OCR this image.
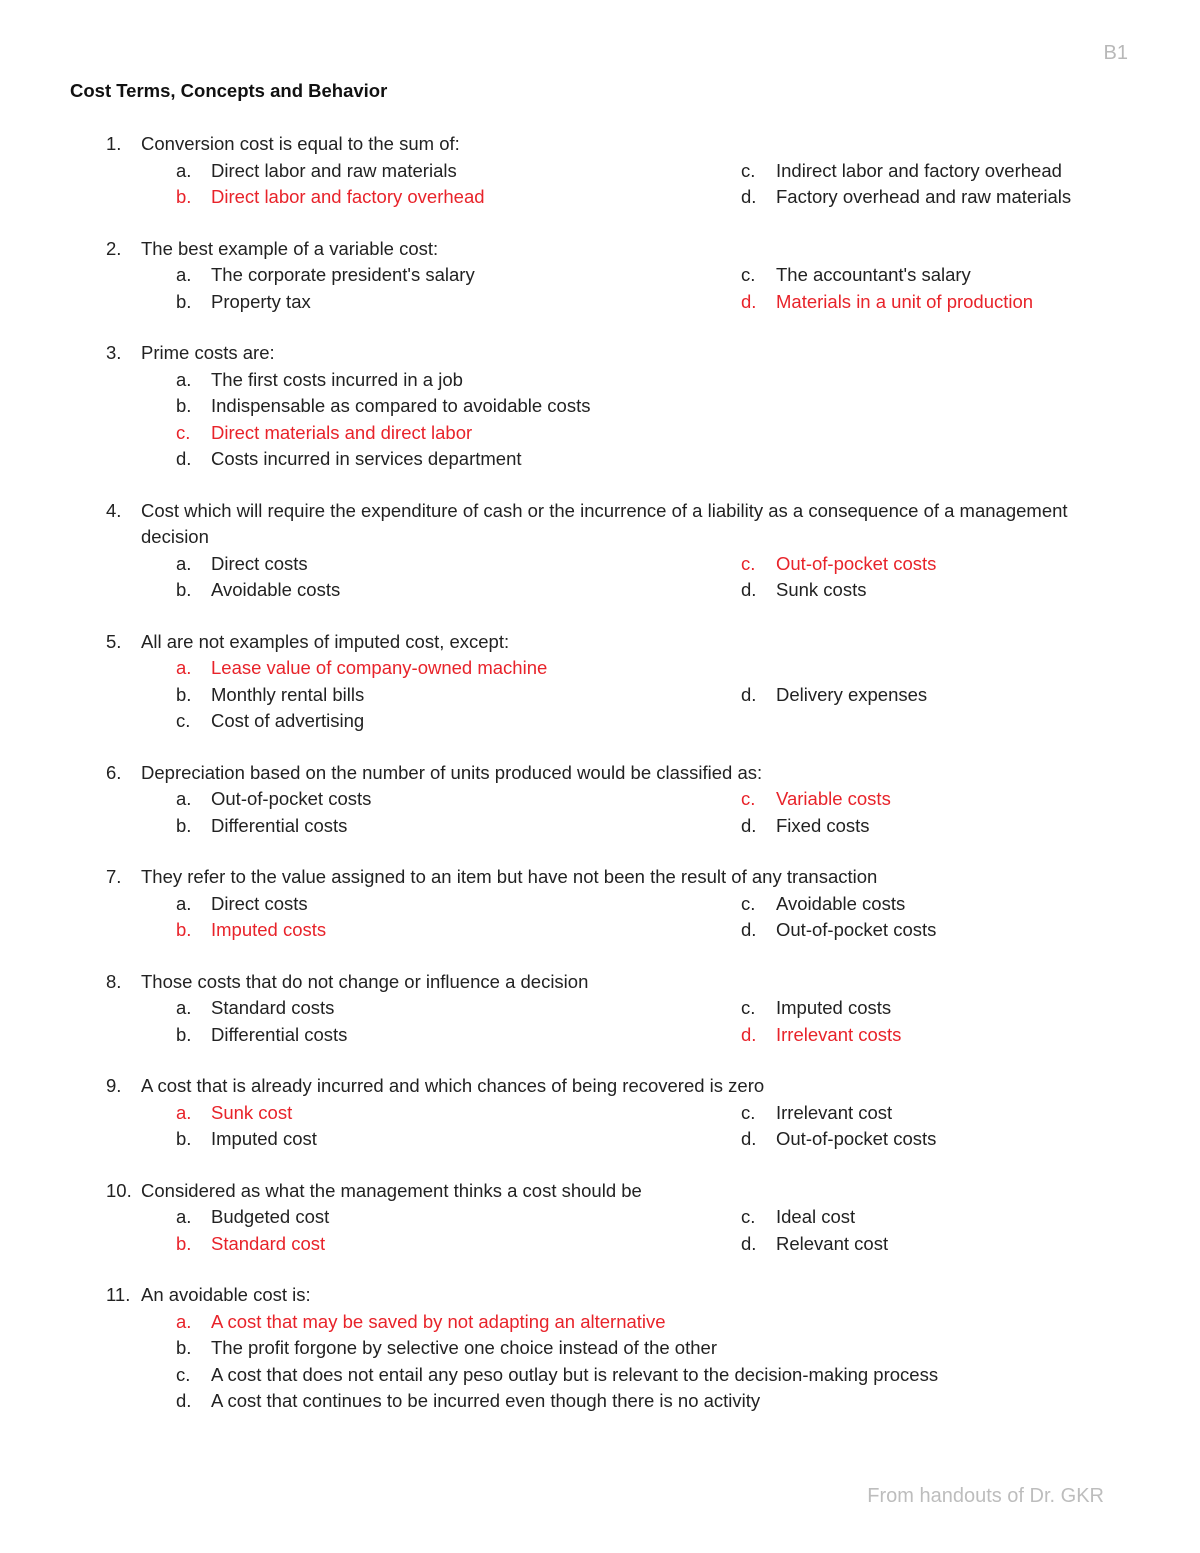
B1
Cost Terms, Concepts and Behavior
1. Conversion cost is equal to the sum of:
a. Direct labor and raw materials	c. Indirect labor and factory overhead
b. Direct labor and factory overhead	d. Factory overhead and raw materials
2. The best example of a variable cost:
a. The corporate president's salary	c. The accountant's salary
b. Property tax	d. Materials in a unit of production
3. Prime costs are:
a. The first costs incurred in a job
b. Indispensable as compared to avoidable costs
c. Direct materials and direct labor
d. Costs incurred in services department
4. Cost which will require the expenditure of cash or the incurrence of a liability as a consequence of a management decision
a. Direct costs	c. Out-of-pocket costs
b. Avoidable costs	d. Sunk costs
5. All are not examples of imputed cost, except:
a. Lease value of company-owned machine
b. Monthly rental bills	d. Delivery expenses
c. Cost of advertising
6. Depreciation based on the number of units produced would be classified as:
a. Out-of-pocket costs	c. Variable costs
b. Differential costs	d. Fixed costs
7. They refer to the value assigned to an item but have not been the result of any transaction
a. Direct costs	c. Avoidable costs
b. Imputed costs	d. Out-of-pocket costs
8. Those costs that do not change or influence a decision
a. Standard costs	c. Imputed costs
b. Differential costs	d. Irrelevant costs
9. A cost that is already incurred and which chances of being recovered is zero
a. Sunk cost	c. Irrelevant cost
b. Imputed cost	d. Out-of-pocket costs
10. Considered as what the management thinks a cost should be
a. Budgeted cost	c. Ideal cost
b. Standard cost	d. Relevant cost
11. An avoidable cost is:
a. A cost that may be saved by not adapting an alternative
b. The profit forgone by selective one choice instead of the other
c. A cost that does not entail any peso outlay but is relevant to the decision-making process
d. A cost that continues to be incurred even though there is no activity
From handouts of Dr. GKR
